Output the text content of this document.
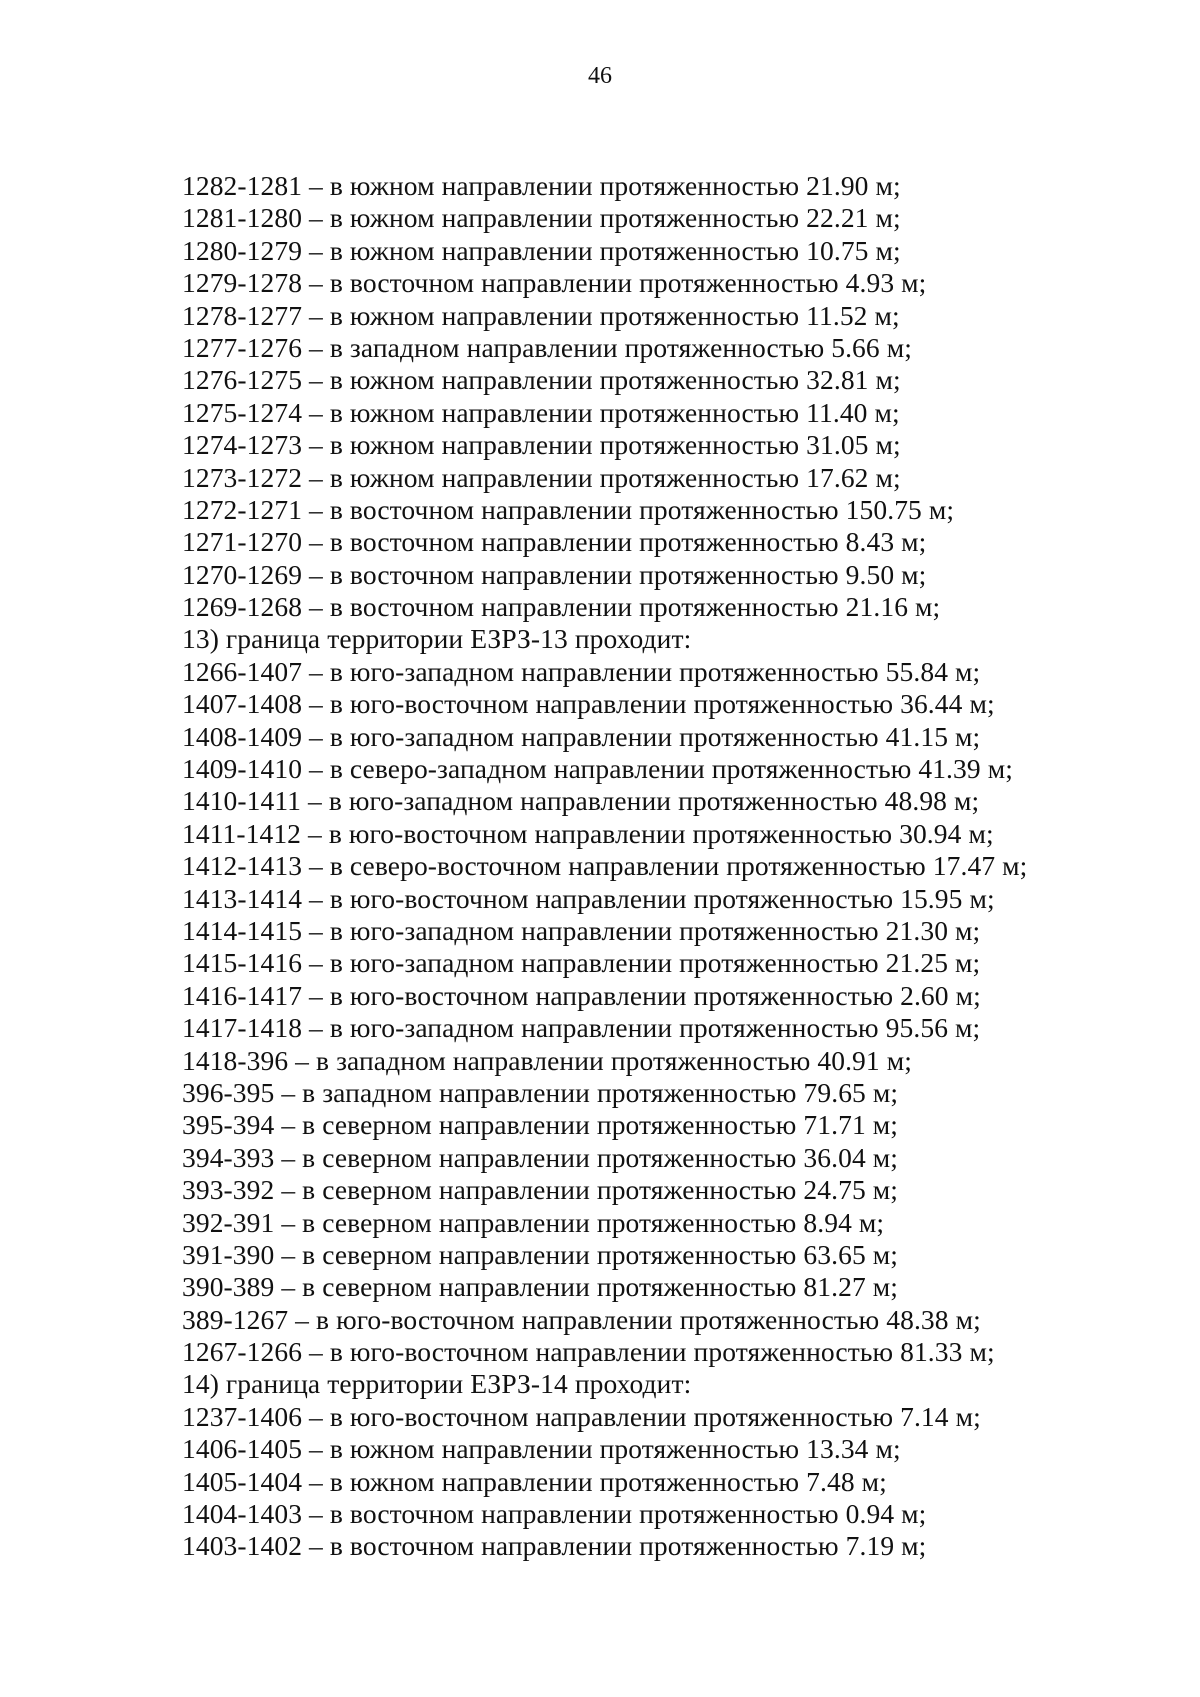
46
1282-1281 – в южном направлении протяженностью 21.90 м;
1281-1280 – в южном направлении протяженностью 22.21 м;
1280-1279 – в южном направлении протяженностью 10.75 м;
1279-1278 – в восточном направлении протяженностью 4.93 м;
1278-1277 – в южном направлении протяженностью 11.52 м;
1277-1276 – в западном направлении протяженностью 5.66 м;
1276-1275 – в южном направлении протяженностью 32.81 м;
1275-1274 – в южном направлении протяженностью 11.40 м;
1274-1273 – в южном направлении протяженностью 31.05 м;
1273-1272 – в южном направлении протяженностью 17.62 м;
1272-1271 – в восточном направлении протяженностью 150.75 м;
1271-1270 – в восточном направлении протяженностью 8.43 м;
1270-1269 – в восточном направлении протяженностью 9.50 м;
1269-1268 – в восточном направлении протяженностью 21.16 м;
13) граница территории ЕЗРЗ-13 проходит:
1266-1407 – в юго-западном направлении протяженностью 55.84 м;
1407-1408 – в юго-восточном направлении протяженностью 36.44 м;
1408-1409 – в юго-западном направлении протяженностью 41.15 м;
1409-1410 – в северо-западном направлении протяженностью 41.39 м;
1410-1411 – в юго-западном направлении протяженностью 48.98 м;
1411-1412 – в юго-восточном направлении протяженностью 30.94 м;
1412-1413 – в северо-восточном направлении протяженностью 17.47 м;
1413-1414 – в юго-восточном направлении протяженностью 15.95 м;
1414-1415 – в юго-западном направлении протяженностью 21.30 м;
1415-1416 – в юго-западном направлении протяженностью 21.25 м;
1416-1417 – в юго-восточном направлении протяженностью 2.60 м;
1417-1418 – в юго-западном направлении протяженностью 95.56 м;
1418-396 – в западном направлении протяженностью 40.91 м;
396-395 – в западном направлении протяженностью 79.65 м;
395-394 – в северном направлении протяженностью 71.71 м;
394-393 – в северном направлении протяженностью 36.04 м;
393-392 – в северном направлении протяженностью 24.75 м;
392-391 – в северном направлении протяженностью 8.94 м;
391-390 – в северном направлении протяженностью 63.65 м;
390-389 – в северном направлении протяженностью 81.27 м;
389-1267 – в юго-восточном направлении протяженностью 48.38 м;
1267-1266 – в юго-восточном направлении протяженностью 81.33 м;
14) граница территории ЕЗРЗ-14 проходит:
1237-1406 – в юго-восточном направлении протяженностью 7.14 м;
1406-1405 – в южном направлении протяженностью 13.34 м;
1405-1404 – в южном направлении протяженностью 7.48 м;
1404-1403 – в восточном направлении протяженностью 0.94 м;
1403-1402 – в восточном направлении протяженностью 7.19 м;
